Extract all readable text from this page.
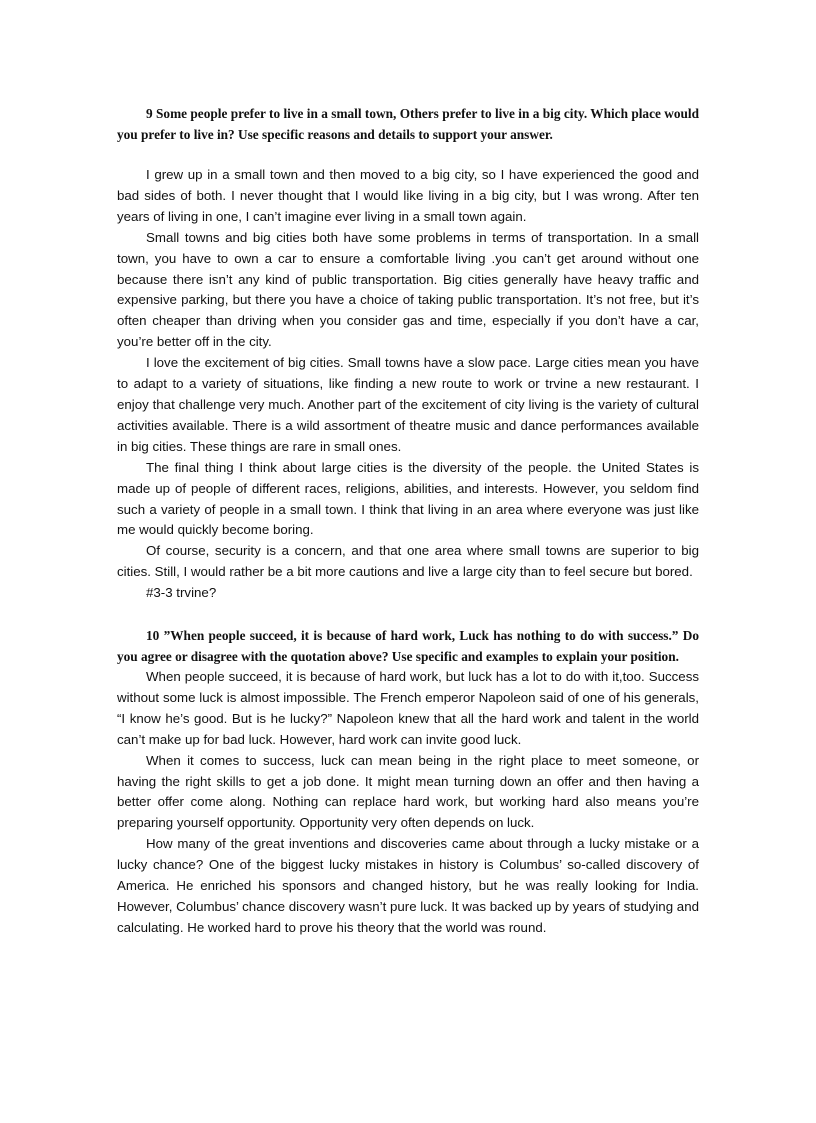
9 Some people prefer to live in a small town, Others prefer to live in a big city. Which place would you prefer to live in? Use specific reasons and details to support your answer.

I grew up in a small town and then moved to a big city, so I have experienced the good and bad sides of both. I never thought that I would like living in a big city, but I was wrong. After ten years of living in one, I can’t imagine ever living in a small town again.

Small towns and big cities both have some problems in terms of transportation. In a small town, you have to own a car to ensure a comfortable living .you can’t get around without one because there isn’t any kind of public transportation. Big cities generally have heavy traffic and expensive parking, but there you have a choice of taking public transportation. It’s not free, but it’s often cheaper than driving when you consider gas and time, especially if you don’t have a car, you’re better off in the city.

I love the excitement of big cities. Small towns have a slow pace. Large cities mean you have to adapt to a variety of situations, like finding a new route to work or trvine a new restaurant. I enjoy that challenge very much. Another part of the excitement of city living is the variety of cultural activities available. There is a wild assortment of theatre music and dance performances available in big cities. These things are rare in small ones.

The final thing I think about large cities is the diversity of the people. the United States is made up of people of different races, religions, abilities, and interests. However, you seldom find such a variety of people in a small town. I think that living in an area where everyone was just like me would quickly become boring.

Of course, security is a concern, and that one area where small towns are superior to big cities. Still, I would rather be a bit more cautions and live a large city than to feel secure but bored.

#3-3 trvine?

10 ”When people succeed, it is because of hard work, Luck has nothing to do with success.” Do you agree or disagree with the quotation above? Use specific and examples to explain your position.

When people succeed, it is because of hard work, but luck has a lot to do with it,too. Success without some luck is almost impossible. The French emperor Napoleon said of one of his generals, “I know he’s good. But is he lucky?” Napoleon knew that all the hard work and talent in the world can’t make up for bad luck. However, hard work can invite good luck.

When it comes to success, luck can mean being in the right place to meet someone, or having the right skills to get a job done. It might mean turning down an offer and then having a better offer come along. Nothing can replace hard work, but working hard also means you’re preparing yourself opportunity. Opportunity very often depends on luck.

How many of the great inventions and discoveries came about through a lucky mistake or a lucky chance? One of the biggest lucky mistakes in history is Columbus’ so-called discovery of America. He enriched his sponsors and changed history, but he was really looking for India. However, Columbus’ chance discovery wasn’t pure luck. It was backed up by years of studying and calculating. He worked hard to prove his theory that the world was round.
